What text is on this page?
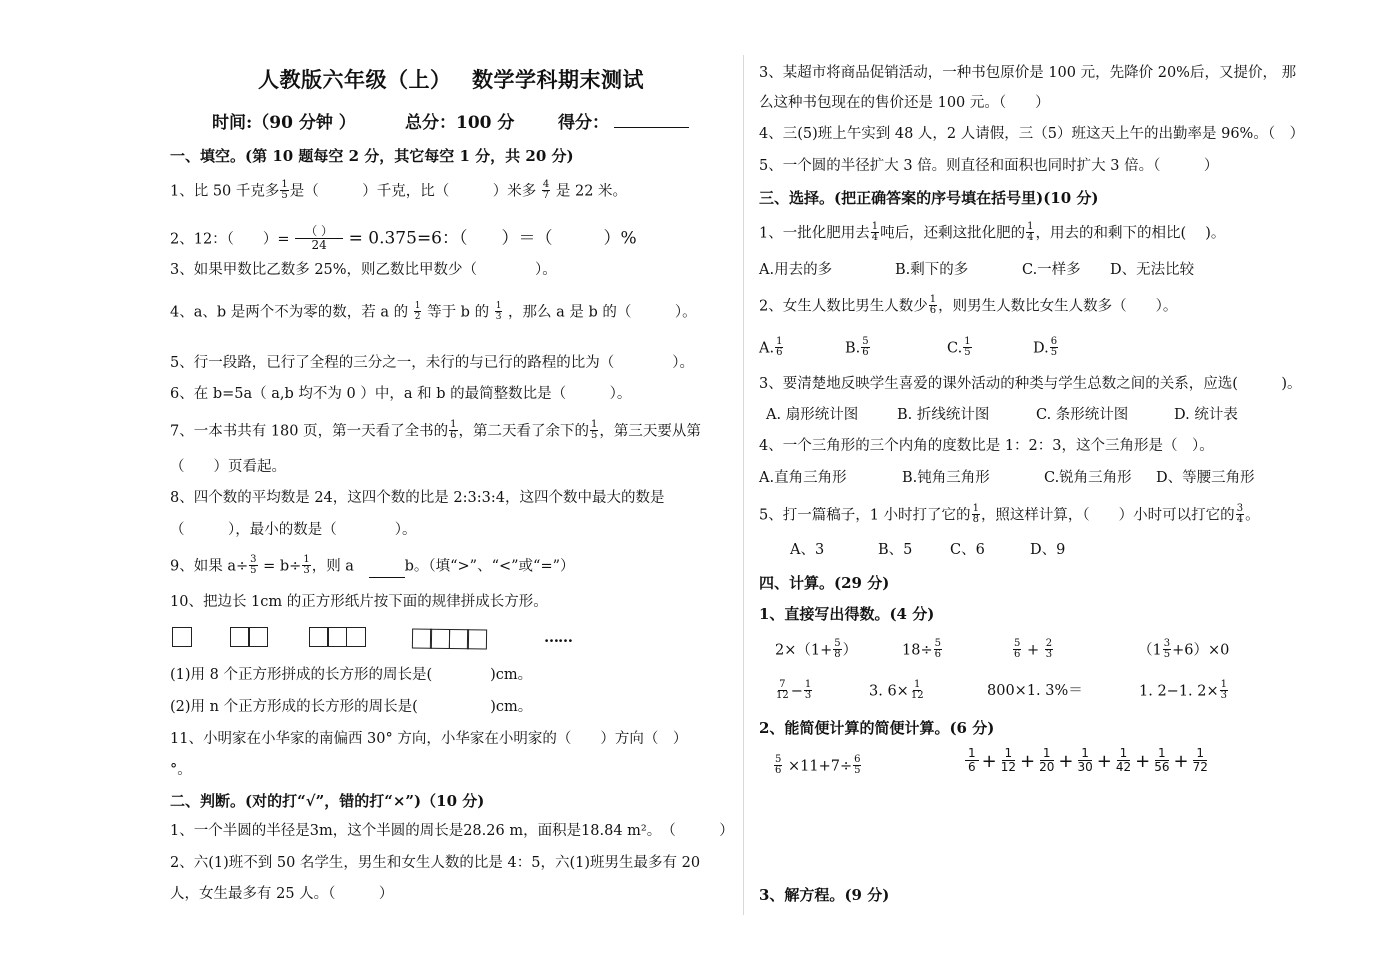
人教版六年级（上） 数学学科期末测试
时间:（90 分钟 ）	总分：100 分	得分：
一、填空。(第 10 题每空 2 分，其它每空 1 分，共 20 分)
1、比 50 千克多 $\frac{1}{5}$ 是（　　　）千克，比（　　　）米多 $\frac{4}{7}$ 是 22 米。
2、12：（　　）= $\frac{( )}{24} = 0.375=6$：（　　）＝（　　　）%
3、如果甲数比乙数多 25%，则乙数比甲数少（　　　　）。
4、a、b 是两个不为零的数，若 a 的 $\frac{1}{2}$ 等于 b 的 $\frac{1}{3}$ ，那么 a 是 b 的（　　　）。
5、行一段路，已行了全程的三分之一，未行的与已行的路程的比为（　　　　）。
6、在 b=5a（ a,b 均不为 0 ）中，a 和 b 的最简整数比是（　　　）。
7、一本书共有 180 页，第一天看了全书的 $\frac{1}{6}$ ，第二天看了余下的 $\frac{1}{5}$ ，第三天要从第
（　　）页看起。
8、四个数的平均数是 24，这四个数的比是 2:3:3:4，这四个数中最大的数是
（　　　），最小的数是（　　　　）。
9、如果 $a\div \frac{3}{5} = b\div \frac{1}{3}$ ，则 a	b。（填“>”、“<”或“=”）
10、把边长 1cm 的正方形纸片按下面的规律拼成长方形。
……
(1)用 8 个正方形拼成的长方形的周长是(　　　　)cm。
(2)用 n 个正方形成的长方形的周长是(　　　　　)cm。
11、小明家在小华家的南偏西 30° 方向，小华家在小明家的（　　）方向（　）
°。
二、判断。(对的打“√”，错的打“×”)（10 分)
1、一个半圆的半径是3m，这个半圆的周长是28.26 m，面积是18.84 m²。　（　　　）
2、六(1)班不到 50 名学生，男生和女生人数的比是 4：5，六(1)班男生最多有 20
人，女生最多有 25 人。（　　　）
3、某超市将商品促销活动，一种书包原价是 100 元，先降价 20%后，又提价， 那
么这种书包现在的售价还是 100 元。（　　）
4、三(5)班上午实到 48 人，2 人请假，三（5）班这天上午的出勤率是 96%。（　）
5、一个圆的半径扩大 3 倍。则直径和面积也同时扩大 3 倍。（　　　）
三、选择。(把正确答案的序号填在括号里)(10 分)
1、一批化肥用去 $\frac{1}{4}$ 吨后，还剩这批化肥的 $\frac{1}{4}$ ，用去的和剩下的相比(　 )。
A.用去的多	B.剩下的多	C.一样多 D、无法比较
2、女生人数比男生人数少 $\frac{1}{6}$ ，则男生人数比女生人数多（　　）。
A. $\frac{1}{6}$	B. $\frac{5}{6}$	C. $\frac{1}{5}$	D. $\frac{6}{5}$
3、要清楚地反映学生喜爱的课外活动的种类与学生总数之间的关系，应选(　　　)。
A. 扇形统计图	B. 折线统计图	C. 条形统计图	D. 统计表
4、一个三角形的三个内角的度数比是 1：2：3，这个三角形是（　）。
A.直角三角形	B.钝角三角形	C.锐角三角形 D、等腰三角形
5、打一篇稿子，1 小时打了它的 $\frac{1}{8}$ ，照这样计算，（　　）小时可以打它的 $\frac{3}{4}$ 。
A、3	B、5	C、6	D、9
四、计算。(29 分)
1、直接写出得数。(4 分)
$2\times(1+ \frac{5}{8}$ ）	$18\div \frac{5}{6}$	$\frac{5}{6} + \frac{2}{3}$	$(1 \frac{3}{5} +6)\times 0$
$\frac{7}{12} - \frac{1}{3}$	3. $6\times \frac{1}{12}$	800×1. 3%＝	1. 2−1. $2\times \frac{1}{3}$
2、能简便计算的简便计算。(6 分)
$\frac{5}{6} \times 11+7\div \frac{6}{5}$	$\frac{1}{6} + \frac{1}{12} + \frac{1}{20} + \frac{1}{30} + \frac{1}{42} + \frac{1}{56} + \frac{1}{72}$
3、解方程。(9 分)
